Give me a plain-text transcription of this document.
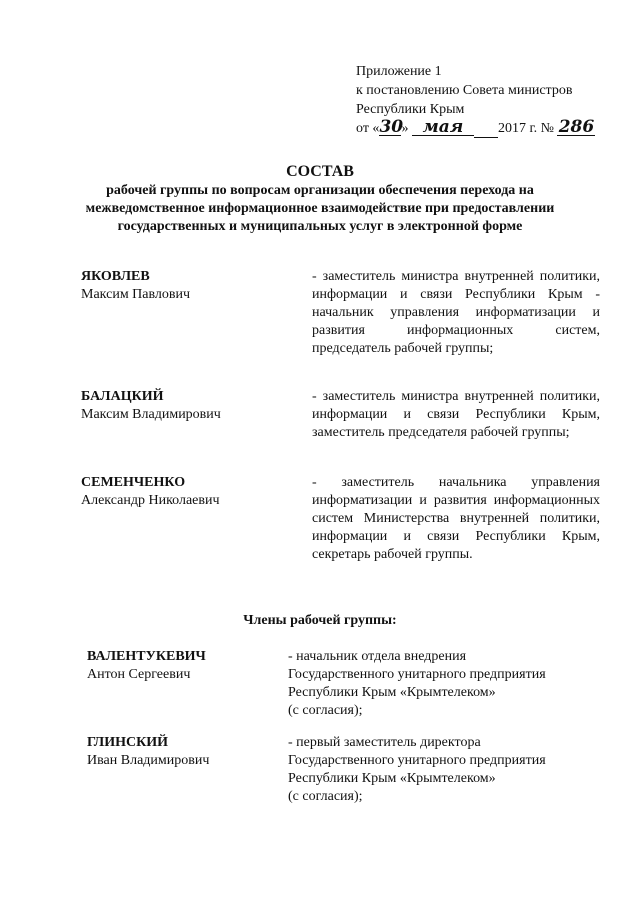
Приложение 1
к постановлению Совета министров
Республики Крым
от «30» мая 2017 г. № 286
СОСТАВ
рабочей группы по вопросам организации обеспечения перехода на
межведомственное информационное взаимодействие при предоставлении
государственных и муниципальных услуг в электронной форме
ЯКОВЛЕВ
Максим Павлович
- заместитель министра внутренней политики, информации и связи Республики Крым - начальник управления информатизации и развития информационных систем, председатель рабочей группы;
БАЛАЦКИЙ
Максим Владимирович
- заместитель министра внутренней политики, информации и связи Республики Крым, заместитель председателя рабочей группы;
СЕМЕНЧЕНКО
Александр Николаевич
- заместитель начальника управления информатизации и развития информационных систем Министерства внутренней политики, информации и связи Республики Крым, секретарь рабочей группы.
Члены рабочей группы:
ВАЛЕНТУКЕВИЧ
Антон Сергеевич
- начальник отдела внедрения
Государственного унитарного предприятия
Республики Крым «Крымтелеком»
(с согласия);
ГЛИНСКИЙ
Иван Владимирович
- первый заместитель директора
Государственного унитарного предприятия
Республики Крым «Крымтелеком»
(с согласия);
